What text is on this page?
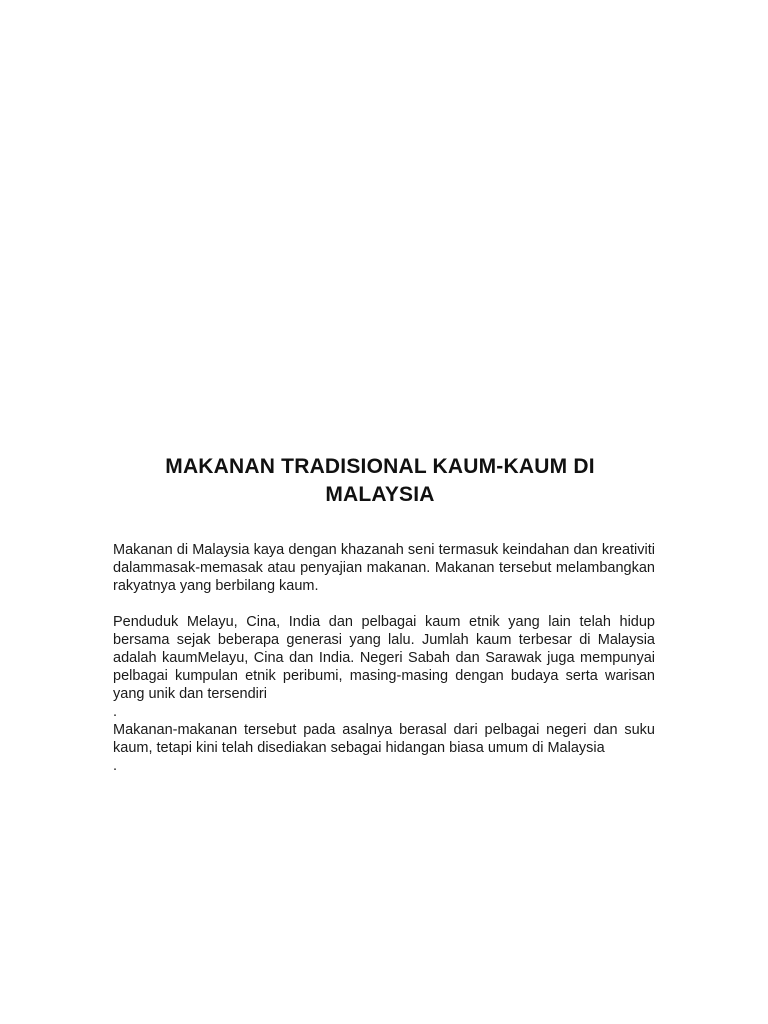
MAKANAN TRADISIONAL KAUM-KAUM DI MALAYSIA

Makanan di Malaysia kaya dengan khazanah seni termasuk keindahan dan kreativiti dalammasak-memasak atau penyajian makanan. Makanan tersebut melambangkan rakyatnya yang berbilang kaum.

Penduduk Melayu, Cina, India dan pelbagai kaum etnik yang lain telah hidup bersama sejak beberapa generasi yang lalu. Jumlah kaum terbesar di Malaysia adalah kaumMelayu, Cina dan India. Negeri Sabah dan Sarawak juga mempunyai pelbagai kumpulan etnik peribumi, masing-masing dengan budaya serta warisan yang unik dan tersendiri

.

Makanan-makanan tersebut pada asalnya berasal dari pelbagai negeri dan suku kaum, tetapi kini telah disediakan sebagai hidangan biasa umum di Malaysia

.
